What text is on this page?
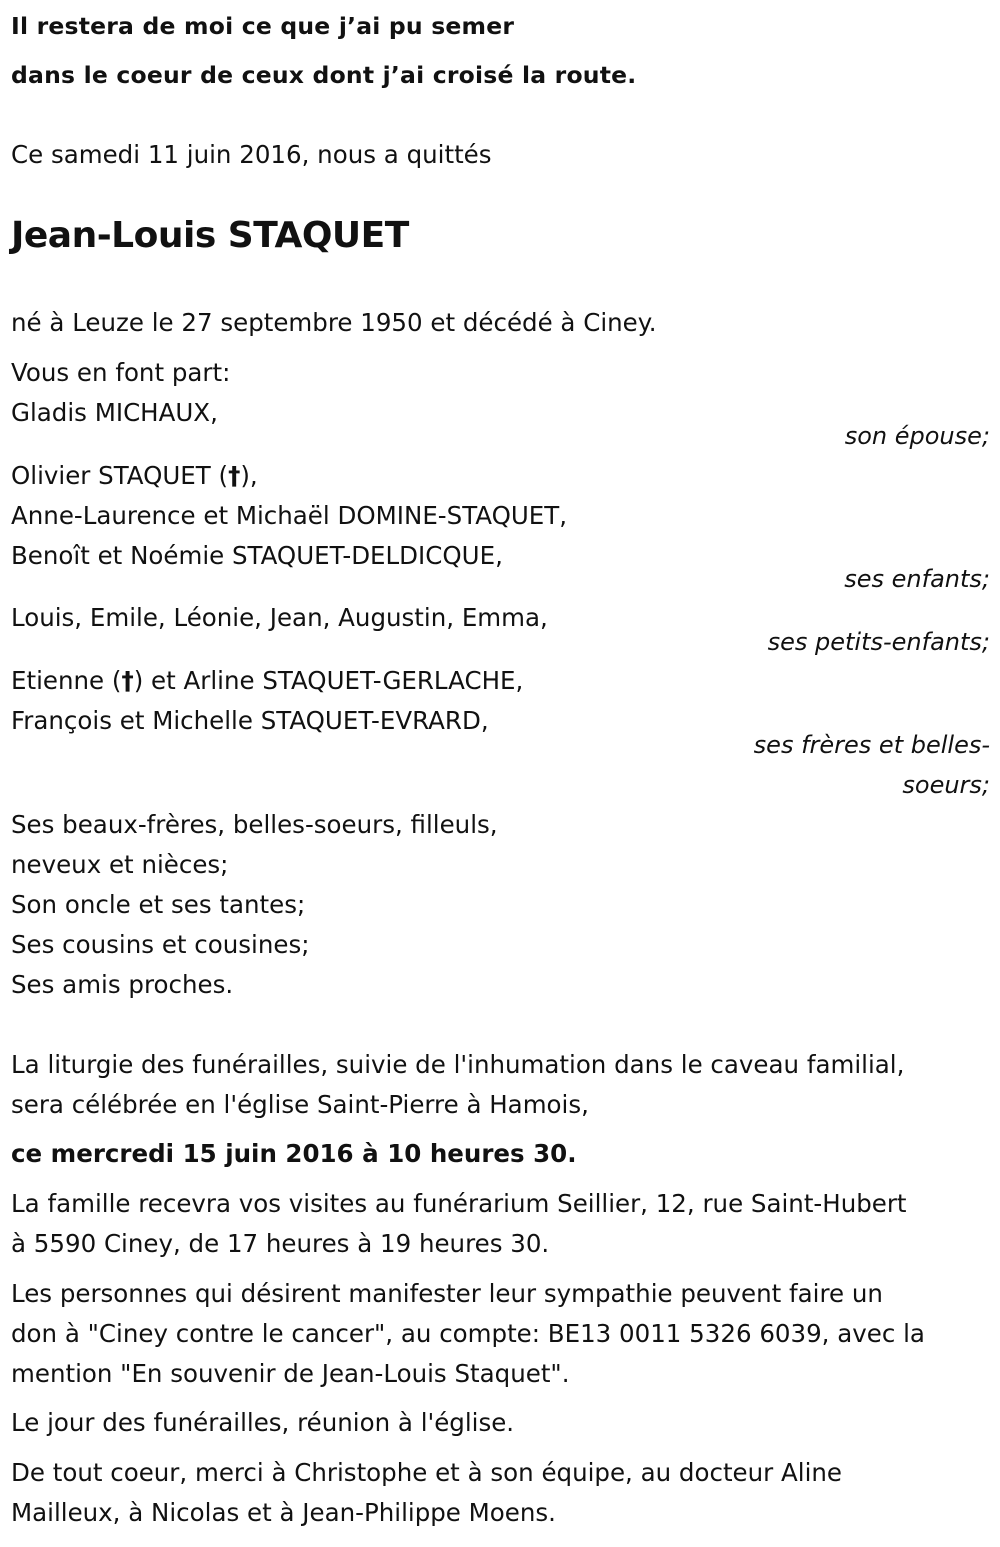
Il restera de moi ce que j’ai pu semer

dans le coeur de ceux dont j’ai croisé la route.

Ce samedi 11 juin 2016, nous a quittés

Jean-Louis STAQUET

né à Leuze le 27 septembre 1950 et décédé à Ciney.

Vous en font part:

Gladis MICHAUX,

son épouse;

Olivier STAQUET (†),

Anne-Laurence et Michaël DOMINE-STAQUET,

Benoît et Noémie STAQUET-DELDICQUE,

ses enfants;

Louis, Emile, Léonie, Jean, Augustin, Emma,

ses petits-enfants;

Etienne (†) et Arline STAQUET-GERLACHE,

François et Michelle STAQUET-EVRARD,

ses frères et belles-

soeurs;

Ses beaux-frères, belles-soeurs, filleuls,

neveux et nièces;

Son oncle et ses tantes;

Ses cousins et cousines;

Ses amis proches.

La liturgie des funérailles, suivie de l'inhumation dans le caveau familial,

sera célébrée en l'église Saint-Pierre à Hamois,

ce mercredi 15 juin 2016 à 10 heures 30.

La famille recevra vos visites au funérarium Seillier, 12, rue Saint-Hubert

à 5590 Ciney, de 17 heures à 19 heures 30.

Les personnes qui désirent manifester leur sympathie peuvent faire un

don à "Ciney contre le cancer", au compte: BE13 0011 5326 6039, avec la

mention "En souvenir de Jean-Louis Staquet".

Le jour des funérailles, réunion à l'église.

De tout coeur, merci à Christophe et à son équipe, au docteur Aline

Mailleux, à Nicolas et à Jean-Philippe Moens.
